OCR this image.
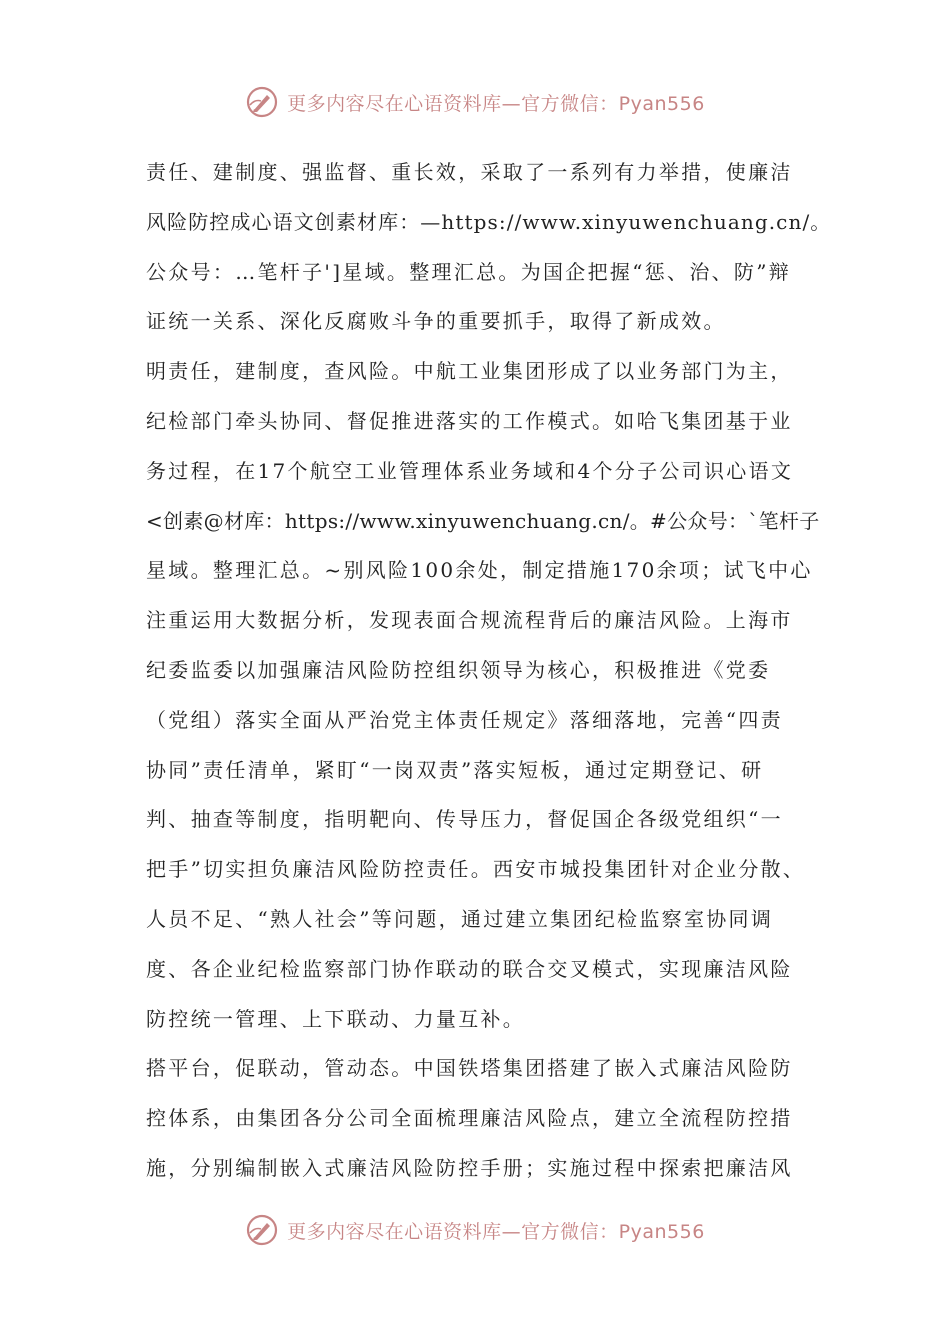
更多内容尽在心语资料库—官方微信：Pyan556
责任、建制度、强监督、重长效，采取了一系列有力举措，使廉洁
风险防控成心语文创素材库：—https://www.xinyuwenchuang.cn/。
公众号：…笔杆子']星域。整理汇总。为国企把握“惩、治、防”辩
证统一关系、深化反腐败斗争的重要抓手，取得了新成效。
明责任，建制度，查风险。中航工业集团形成了以业务部门为主，
纪检部门牵头协同、督促推进落实的工作模式。如哈飞集团基于业
务过程，在17个航空工业管理体系业务域和4个分子公司识心语文
<创素@材库：https://www.xinyuwenchuang.cn/。#公众号：`笔杆子
星域。整理汇总。~别风险100余处，制定措施170余项；试飞中心
注重运用大数据分析，发现表面合规流程背后的廉洁风险。上海市
纪委监委以加强廉洁风险防控组织领导为核心，积极推进《党委
（党组）落实全面从严治党主体责任规定》落细落地，完善“四责
协同”责任清单，紧盯“一岗双责”落实短板，通过定期登记、研
判、抽查等制度，指明靶向、传导压力，督促国企各级党组织“一
把手”切实担负廉洁风险防控责任。西安市城投集团针对企业分散、
人员不足、“熟人社会”等问题，通过建立集团纪检监察室协同调
度、各企业纪检监察部门协作联动的联合交叉模式，实现廉洁风险
防控统一管理、上下联动、力量互补。
搭平台，促联动，管动态。中国铁塔集团搭建了嵌入式廉洁风险防
控体系，由集团各分公司全面梳理廉洁风险点，建立全流程防控措
施，分别编制嵌入式廉洁风险防控手册；实施过程中探索把廉洁风
更多内容尽在心语资料库—官方微信：Pyan556
